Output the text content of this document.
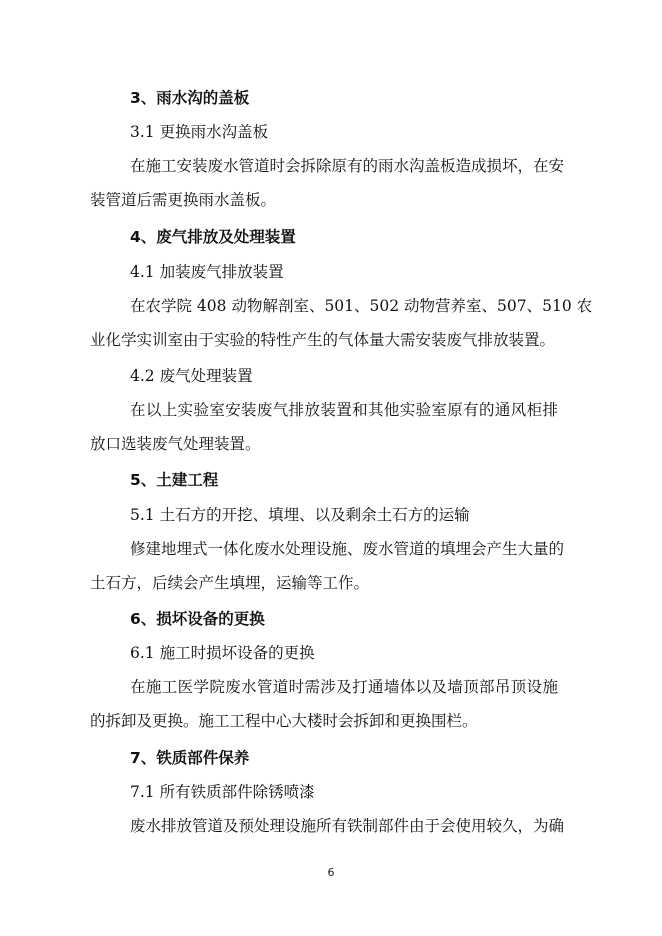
3、雨水沟的盖板
3.1 更换雨水沟盖板
在施工安装废水管道时会拆除原有的雨水沟盖板造成损坏，在安
装管道后需更换雨水盖板。
4、废气排放及处理装置
4.1 加装废气排放装置
在农学院 408 动物解剖室、501、502 动物营养室、507、510 农
业化学实训室由于实验的特性产生的气体量大需安装废气排放装置。
4.2 废气处理装置
在以上实验室安装废气排放装置和其他实验室原有的通风柜排
放口选装废气处理装置。
5、土建工程
5.1 土石方的开挖、填埋、以及剩余土石方的运输
修建地埋式一体化废水处理设施、废水管道的填埋会产生大量的
土石方，后续会产生填埋，运输等工作。
6、损坏设备的更换
6.1 施工时损坏设备的更换
在施工医学院废水管道时需涉及打通墙体以及墙顶部吊顶设施
的拆卸及更换。施工工程中心大楼时会拆卸和更换围栏。
7、铁质部件保养
7.1 所有铁质部件除锈喷漆
废水排放管道及预处理设施所有铁制部件由于会使用较久，为确
6
